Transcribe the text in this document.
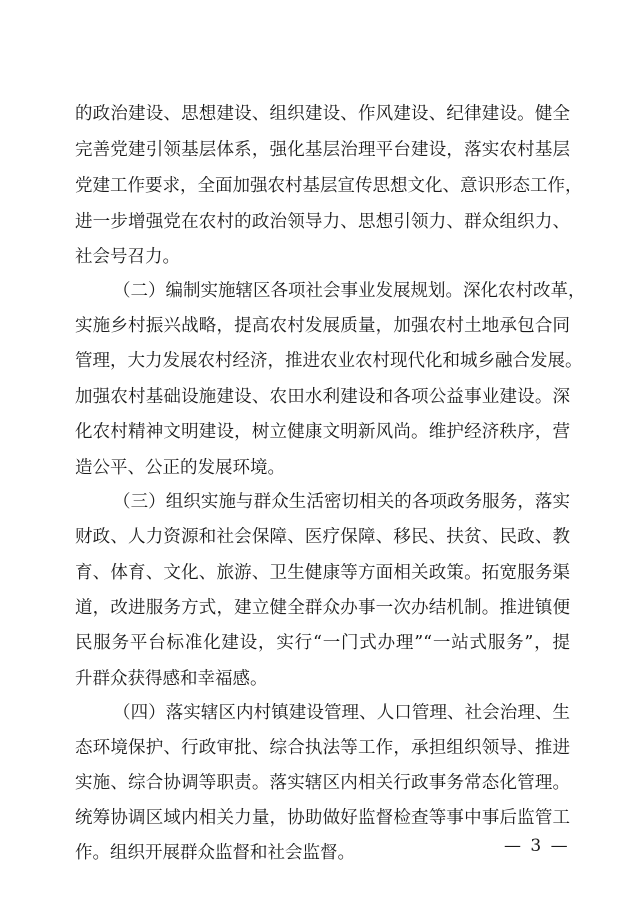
的政治建设、思想建设、组织建设、作风建设、纪律建设。健全
完善党建引领基层体系，强化基层治理平台建设，落实农村基层
党建工作要求，全面加强农村基层宣传思想文化、意识形态工作，
进一步增强党在农村的政治领导力、思想引领力、群众组织力、
社会号召力。
（二）编制实施辖区各项社会事业发展规划。深化农村改革，
实施乡村振兴战略，提高农村发展质量，加强农村土地承包合同
管理，大力发展农村经济，推进农业农村现代化和城乡融合发展。
加强农村基础设施建设、农田水利建设和各项公益事业建设。深
化农村精神文明建设，树立健康文明新风尚。维护经济秩序，营
造公平、公正的发展环境。
（三）组织实施与群众生活密切相关的各项政务服务，落实
财政、人力资源和社会保障、医疗保障、移民、扶贫、民政、教
育、体育、文化、旅游、卫生健康等方面相关政策。拓宽服务渠
道，改进服务方式，建立健全群众办事一次办结机制。推进镇便
民服务平台标准化建设，实行“一门式办理”“一站式服务”，提
升群众获得感和幸福感。
（四）落实辖区内村镇建设管理、人口管理、社会治理、生
态环境保护、行政审批、综合执法等工作，承担组织领导、推进
实施、综合协调等职责。落实辖区内相关行政事务常态化管理。
统筹协调区域内相关力量，协助做好监督检查等事中事后监管工
作。组织开展群众监督和社会监督。	— 3 —
